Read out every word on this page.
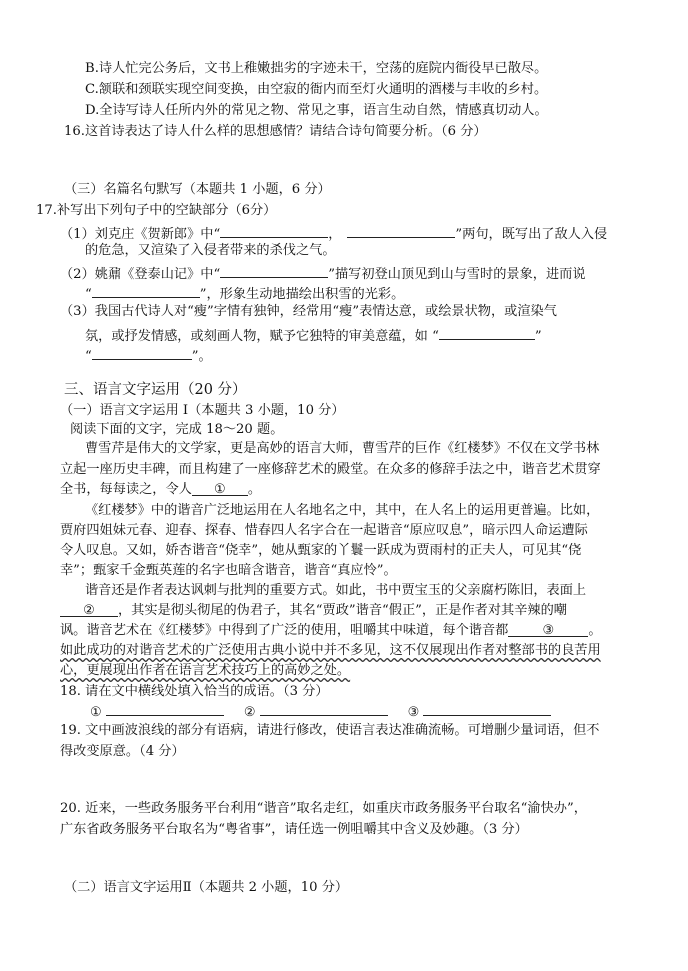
B.诗人忙完公务后，文书上稚嫩拙劣的字迹未干，空荡的庭院内衙役早已散尽。
C.颔联和颈联实现空间变换，由空寂的衙内而至灯火通明的酒楼与丰收的乡村。
D.全诗写诗人任所内外的常见之物、常见之事，语言生动自然，情感真切动人。
16.这首诗表达了诗人什么样的思想感情？请结合诗句简要分析。（6 分）
（三）名篇名句默写（本题共 1 小题，6 分）
17.补写出下列句子中的空缺部分（6分）
（1）刘克庄《贺新郎》中“	，	”两句，既写出了敌人入侵
的危急，又渲染了入侵者带来的杀伐之气。
（2）姚鼐《登泰山记》中“	”描写初登山顶见到山与雪时的景象，进而说
“	”，形象生动地描绘出积雪的光彩。
（3）我国古代诗人对“瘦”字情有独钟，经常用“瘦”表情达意，或绘景状物，或渲染气
氛，或抒发情感，或刻画人物，赋予它独特的审美意蕴，如 “	”
“	”。
三、语言文字运用（20 分）
（一）语言文字运用 Ⅰ（本题共 3 小题，10 分）
阅读下面的文字，完成 18～20 题。
曹雪芹是伟大的文学家，更是高妙的语言大师，曹雪芹的巨作《红楼梦》不仅在文学书林
立起一座历史丰碑，而且构建了一座修辞艺术的殿堂。在众多的修辞手法之中，谐音艺术贯穿
全书，每每读之，令人 ① 。
《红楼梦》中的谐音广泛地运用在人名地名之中，其中，在人名上的运用更普遍。比如，
贾府四姐妹元春、迎春、探春、惜春四人名字合在一起谐音“原应叹息”，暗示四人命运遭际
令人叹息。又如，娇杏谐音“侥幸”，她从甄家的丫鬟一跃成为贾雨村的正夫人，可见其“侥
幸”；甄家千金甄英莲的名字也暗含谐音，谐音“真应怜”。
谐音还是作者表达讽刺与批判的重要方式。如此，书中贾宝玉的父亲腐朽陈旧，表面上
② ，其实是彻头彻尾的伪君子，其名“贾政”谐音“假正”，正是作者对其辛辣的嘲
讽。谐音艺术在《红楼梦》中得到了广泛的使用，咀嚼其中味道，每个谐音都	③	。
如此成功的对谐音艺术的广泛使用古典小说中并不多见，这不仅展现出作者对整部书的良苦用
心，更展现出作者在语言艺术技巧上的高妙之处。
18. 请在文中横线处填入恰当的成语。（3 分）
①	②	③
19. 文中画波浪线的部分有语病，请进行修改，使语言表达准确流畅。可增删少量词语，但不
得改变原意。（4 分）
20. 近来，一些政务服务平台利用“谐音”取名走红，如重庆市政务服务平台取名“渝快办”，
广东省政务服务平台取名为“粤省事”，请任选一例咀嚼其中含义及妙趣。（3 分）
（二）语言文字运用Ⅱ（本题共 2 小题，10 分）
